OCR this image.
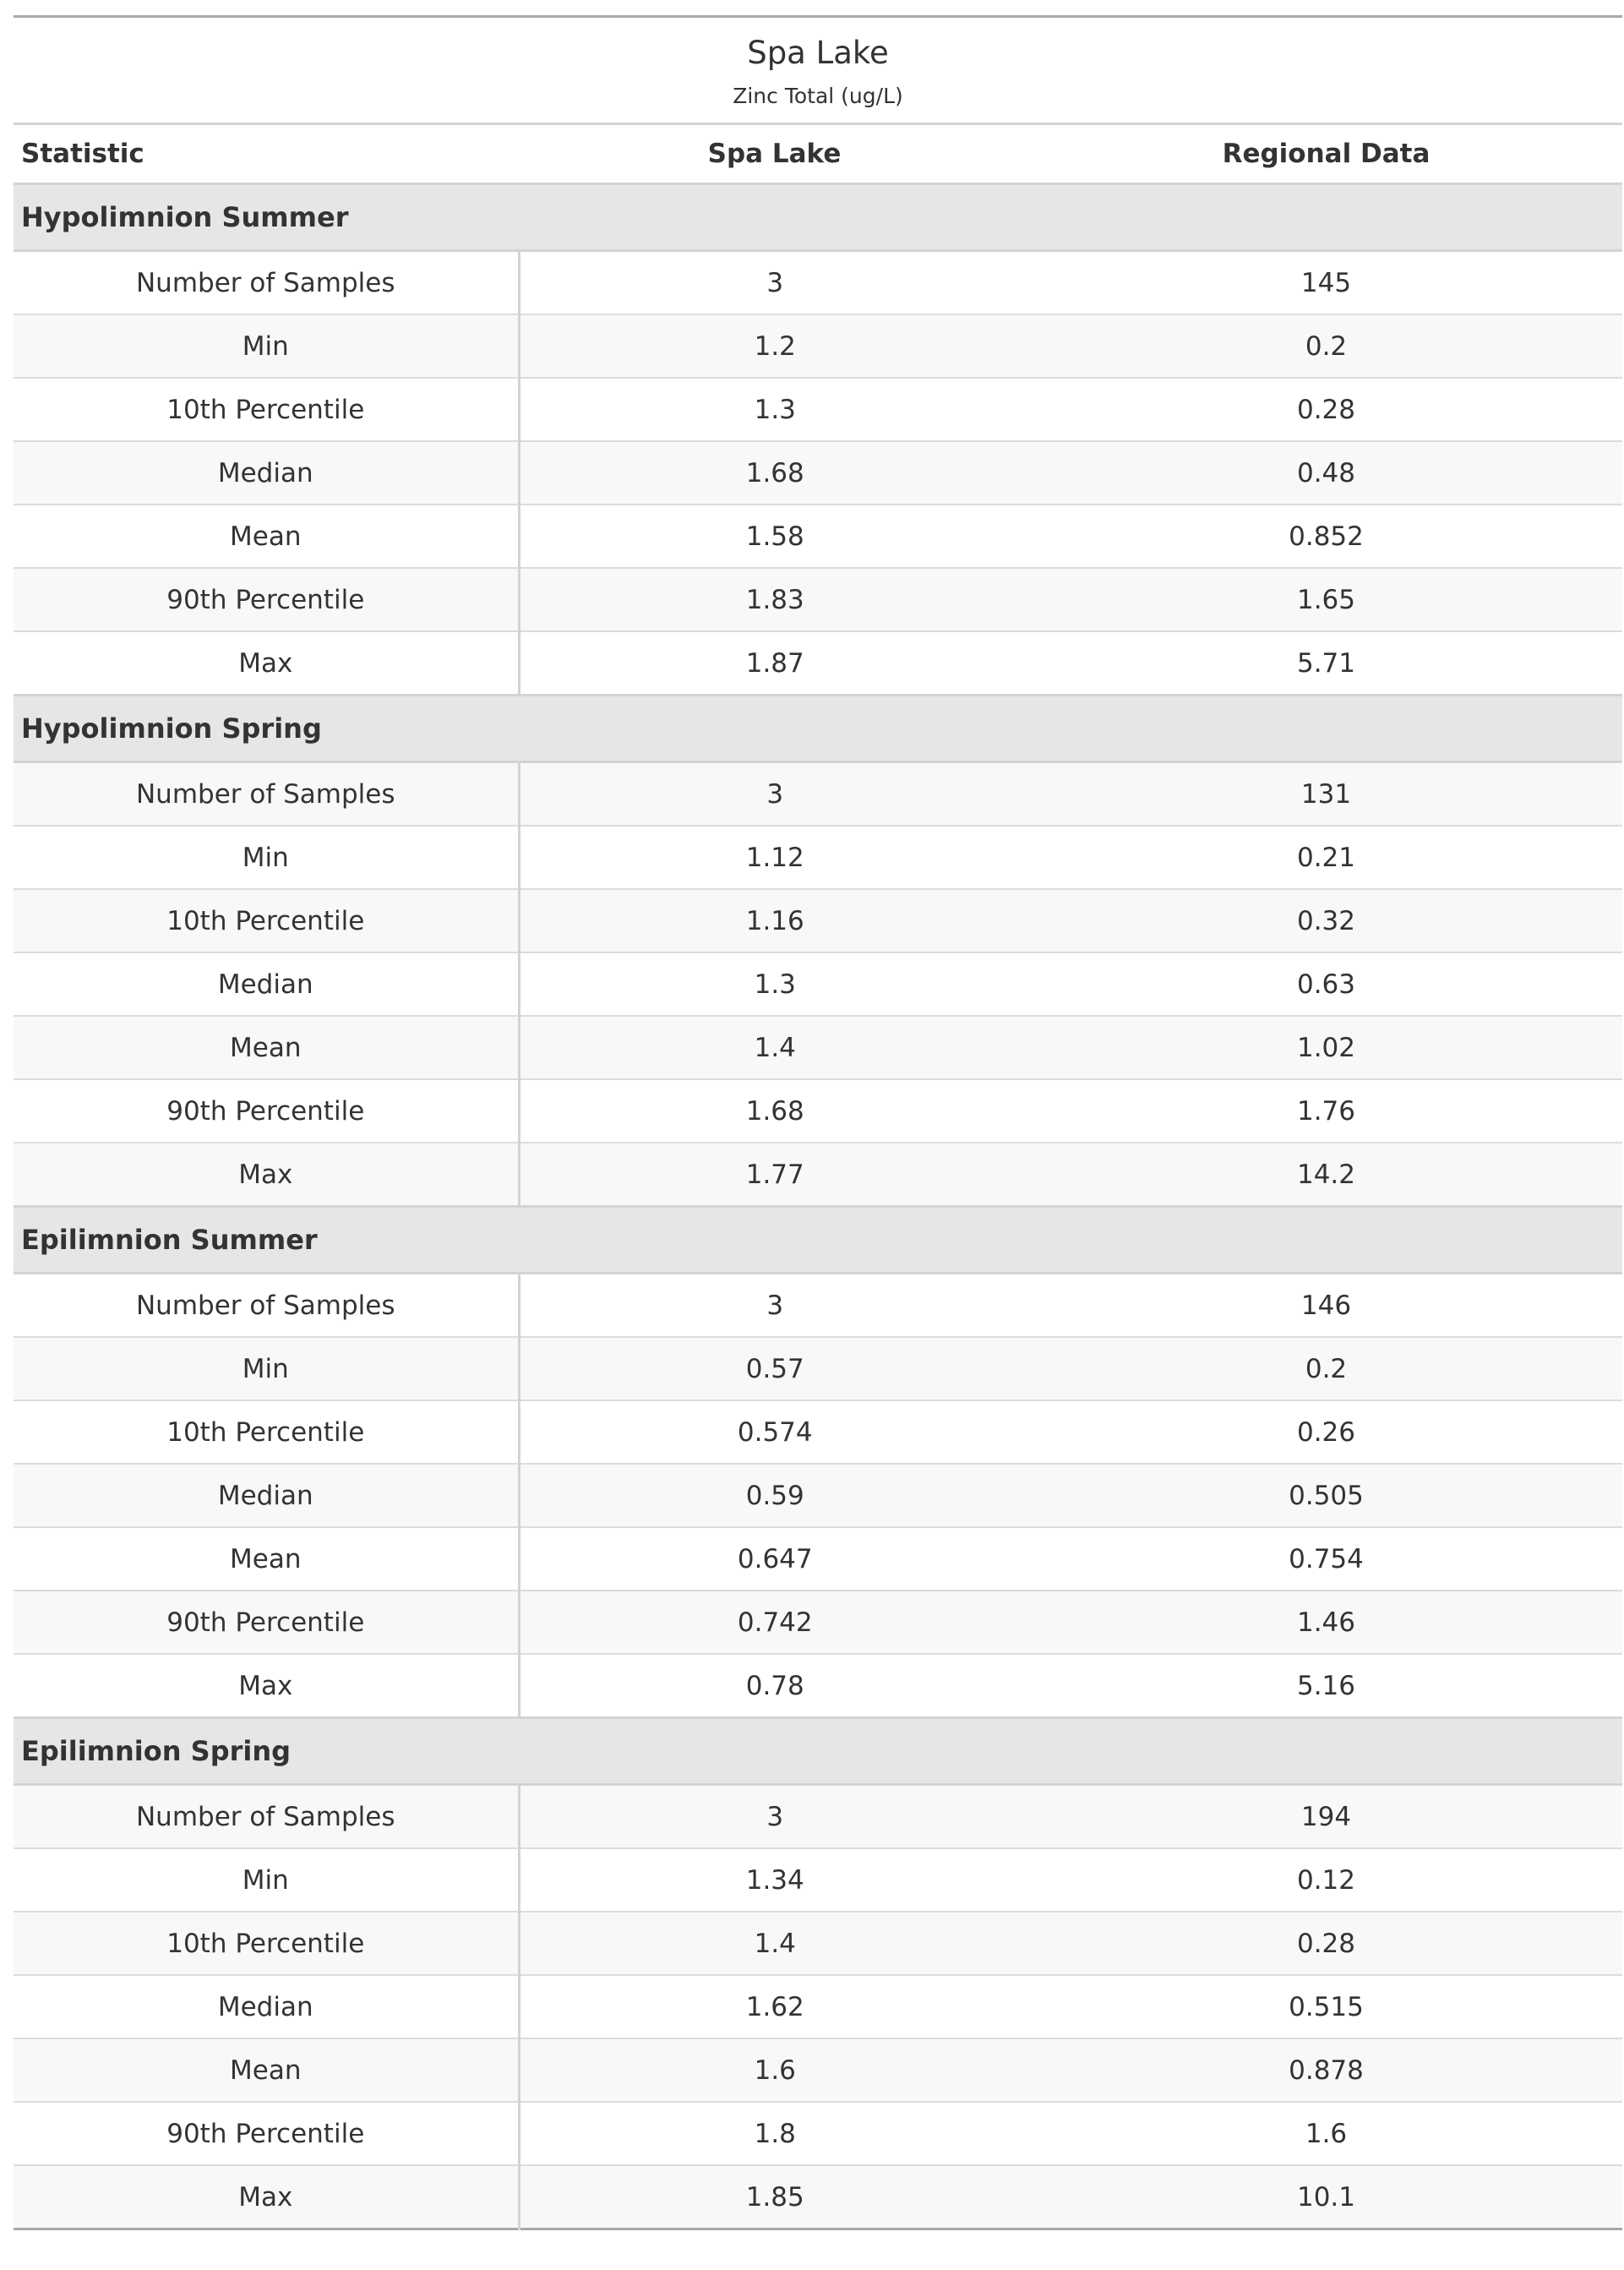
Spa Lake
Zinc Total (ug/L)		

Statistic	Spa Lake	Regional Data
Hypolimnion Summer		
Number of Samples	3	145
Min	1.2	0.2
10th Percentile	1.3	0.28
Median	1.68	0.48
Mean	1.58	0.852
90th Percentile	1.83	1.65
Max	1.87	5.71
Hypolimnion Spring		
Number of Samples	3	131
Min	1.12	0.21
10th Percentile	1.16	0.32
Median	1.3	0.63
Mean	1.4	1.02
90th Percentile	1.68	1.76
Max	1.77	14.2
Epilimnion Summer		
Number of Samples	3	146
Min	0.57	0.2
10th Percentile	0.574	0.26
Median	0.59	0.505
Mean	0.647	0.754
90th Percentile	0.742	1.46
Max	0.78	5.16
Epilimnion Spring		
Number of Samples	3	194
Min	1.34	0.12
10th Percentile	1.4	0.28
Median	1.62	0.515
Mean	1.6	0.878
90th Percentile	1.8	1.6
Max	1.85	10.1
